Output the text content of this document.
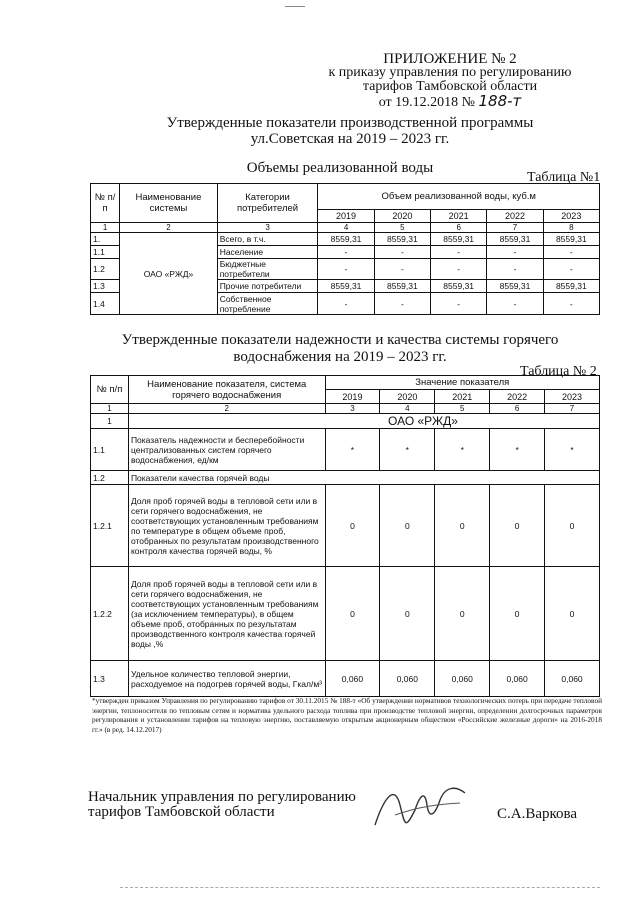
ПРИЛОЖЕНИЕ № 2
к приказу управления по регулированию
тарифов Тамбовской области
от 19.12.2018 № 188-т
Утвержденные показатели производственной программы
ул.Советская на 2019 – 2023 гг.
Объемы реализованной воды
Таблица №1
№ п/п	Наименование системы	Категории потребителей	Объем реализованной воды, куб.м				
			2019	2020	2021	2022	2023
1	2	3	4	5	6	7	8
1.	ОАО «РЖД»	Всего, в т.ч.	8559,31	8559,31	8559,31	8559,31	8559,31
1.1		Население	-	-	-	-	-
1.2		Бюджетные потребители	-	-	-	-	-
1.3		Прочие потребители	8559,31	8559,31	8559,31	8559,31	8559,31
1.4		Собственное потребление	-	-	-	-	-
Утвержденные показатели надежности и качества системы горячего
водоснабжения на 2019 – 2023 гг.
Таблица № 2
№ п/п	Наименование показателя, система горячего водоснабжения	Значение показателя				
		2019	2020	2021	2022	2023
1	2	3	4	5	6	7
1	ОАО «РЖД»					
1.1	Показатель надежности и бесперебойности централизованных систем горячего водоснабжения, ед/км	*	*	*	*	*
1.2	Показатели качества горячей воды					
1.2.1	Доля проб горячей воды в тепловой сети или в сети горячего водоснабжения, не соответствующих установленным требованиям по температуре в общем объеме проб, отобранных по результатам производственного контроля качества горячей воды, %	0	0	0	0	0
1.2.2	Доля проб горячей воды в тепловой сети или в сети горячего водоснабжения, не соответствующих установленным требованиям (за исключением температуры), в общем объеме проб, отобранных по результатам производственного контроля качества горячей воды ,%	0	0	0	0	0
1.3	Удельное количество тепловой энергии, расходуемое на подогрев горячей воды, Гкал/м³	0,060	0,060	0,060	0,060	0,060
*утвержден приказом Управления по регулированию тарифов от 30.11.2015 № 188-т «Об утверждении нормативов технологических потерь при передаче тепловой энергии, теплоносителя по тепловым сетям и норматива удельного расхода топлива при производстве тепловой энергии, определении долгосрочных параметров регулирования и установлении тарифов на тепловую энергию, поставляемую открытым акционерным обществом «Российские железные дороги» на 2016-2018 гг.» (в ред. 14.12.2017)
Начальник управления по регулированию
тарифов Тамбовской области	С.А.Варкова
